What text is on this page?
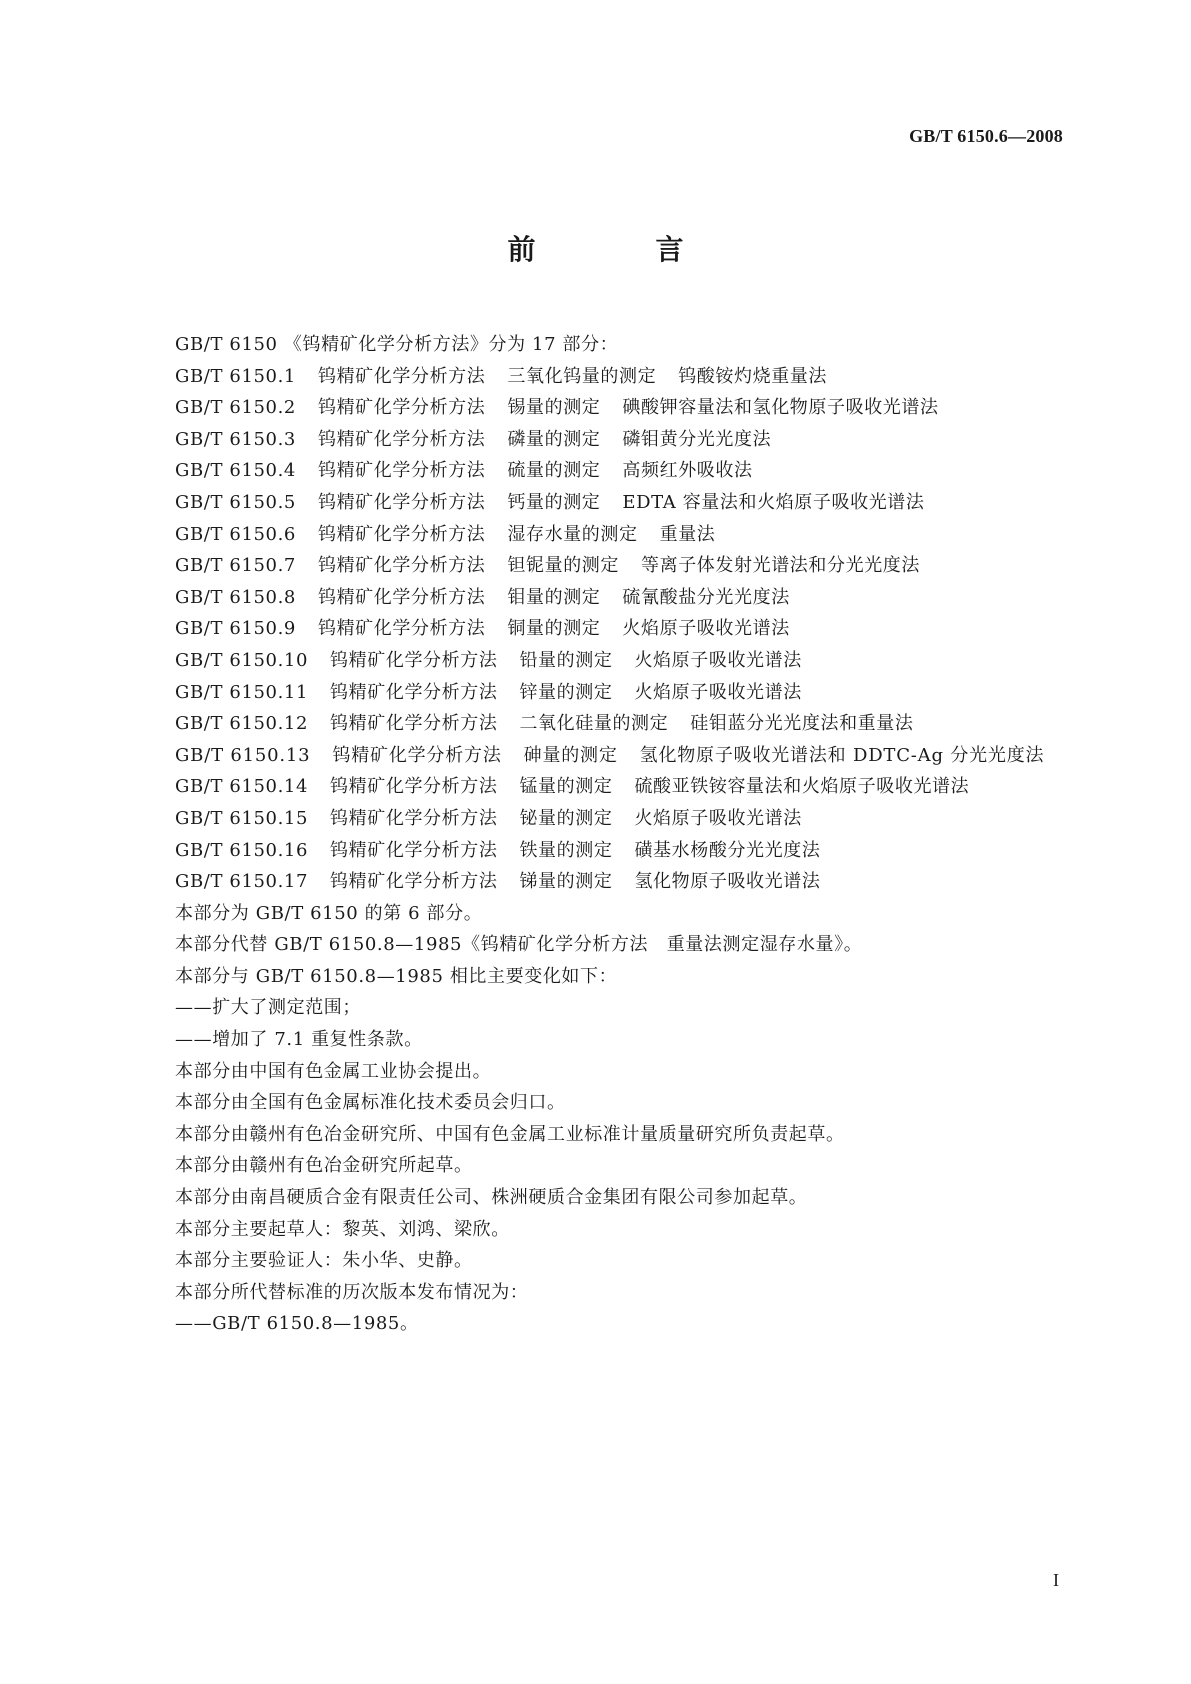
GB/T 6150.6—2008
前　言
GB/T 6150 《钨精矿化学分析方法》分为 17 部分：
GB/T 6150.1 钨精矿化学分析方法 三氧化钨量的测定 钨酸铵灼烧重量法
GB/T 6150.2 钨精矿化学分析方法 锡量的测定 碘酸钾容量法和氢化物原子吸收光谱法
GB/T 6150.3 钨精矿化学分析方法 磷量的测定 磷钼黄分光光度法
GB/T 6150.4 钨精矿化学分析方法 硫量的测定 高频红外吸收法
GB/T 6150.5 钨精矿化学分析方法 钙量的测定 EDTA 容量法和火焰原子吸收光谱法
GB/T 6150.6 钨精矿化学分析方法 湿存水量的测定 重量法
GB/T 6150.7 钨精矿化学分析方法 钽铌量的测定 等离子体发射光谱法和分光光度法
GB/T 6150.8 钨精矿化学分析方法 钼量的测定 硫氰酸盐分光光度法
GB/T 6150.9 钨精矿化学分析方法 铜量的测定 火焰原子吸收光谱法
GB/T 6150.10 钨精矿化学分析方法 铅量的测定 火焰原子吸收光谱法
GB/T 6150.11 钨精矿化学分析方法 锌量的测定 火焰原子吸收光谱法
GB/T 6150.12 钨精矿化学分析方法 二氧化硅量的测定 硅钼蓝分光光度法和重量法
GB/T 6150.13 钨精矿化学分析方法 砷量的测定 氢化物原子吸收光谱法和 DDTC-Ag 分光光度法
GB/T 6150.14 钨精矿化学分析方法 锰量的测定 硫酸亚铁铵容量法和火焰原子吸收光谱法
GB/T 6150.15 钨精矿化学分析方法 铋量的测定 火焰原子吸收光谱法
GB/T 6150.16 钨精矿化学分析方法 铁量的测定 磺基水杨酸分光光度法
GB/T 6150.17 钨精矿化学分析方法 锑量的测定 氢化物原子吸收光谱法
本部分为 GB/T 6150 的第 6 部分。
本部分代替 GB/T 6150.8—1985《钨精矿化学分析方法　重量法测定湿存水量》。
本部分与 GB/T 6150.8—1985 相比主要变化如下：
——扩大了测定范围；
——增加了 7.1 重复性条款。
本部分由中国有色金属工业协会提出。
本部分由全国有色金属标准化技术委员会归口。
本部分由赣州有色冶金研究所、中国有色金属工业标准计量质量研究所负责起草。
本部分由赣州有色冶金研究所起草。
本部分由南昌硬质合金有限责任公司、株洲硬质合金集团有限公司参加起草。
本部分主要起草人：黎英、刘鸿、梁欣。
本部分主要验证人：朱小华、史静。
本部分所代替标准的历次版本发布情况为：
——GB/T 6150.8—1985。
I
